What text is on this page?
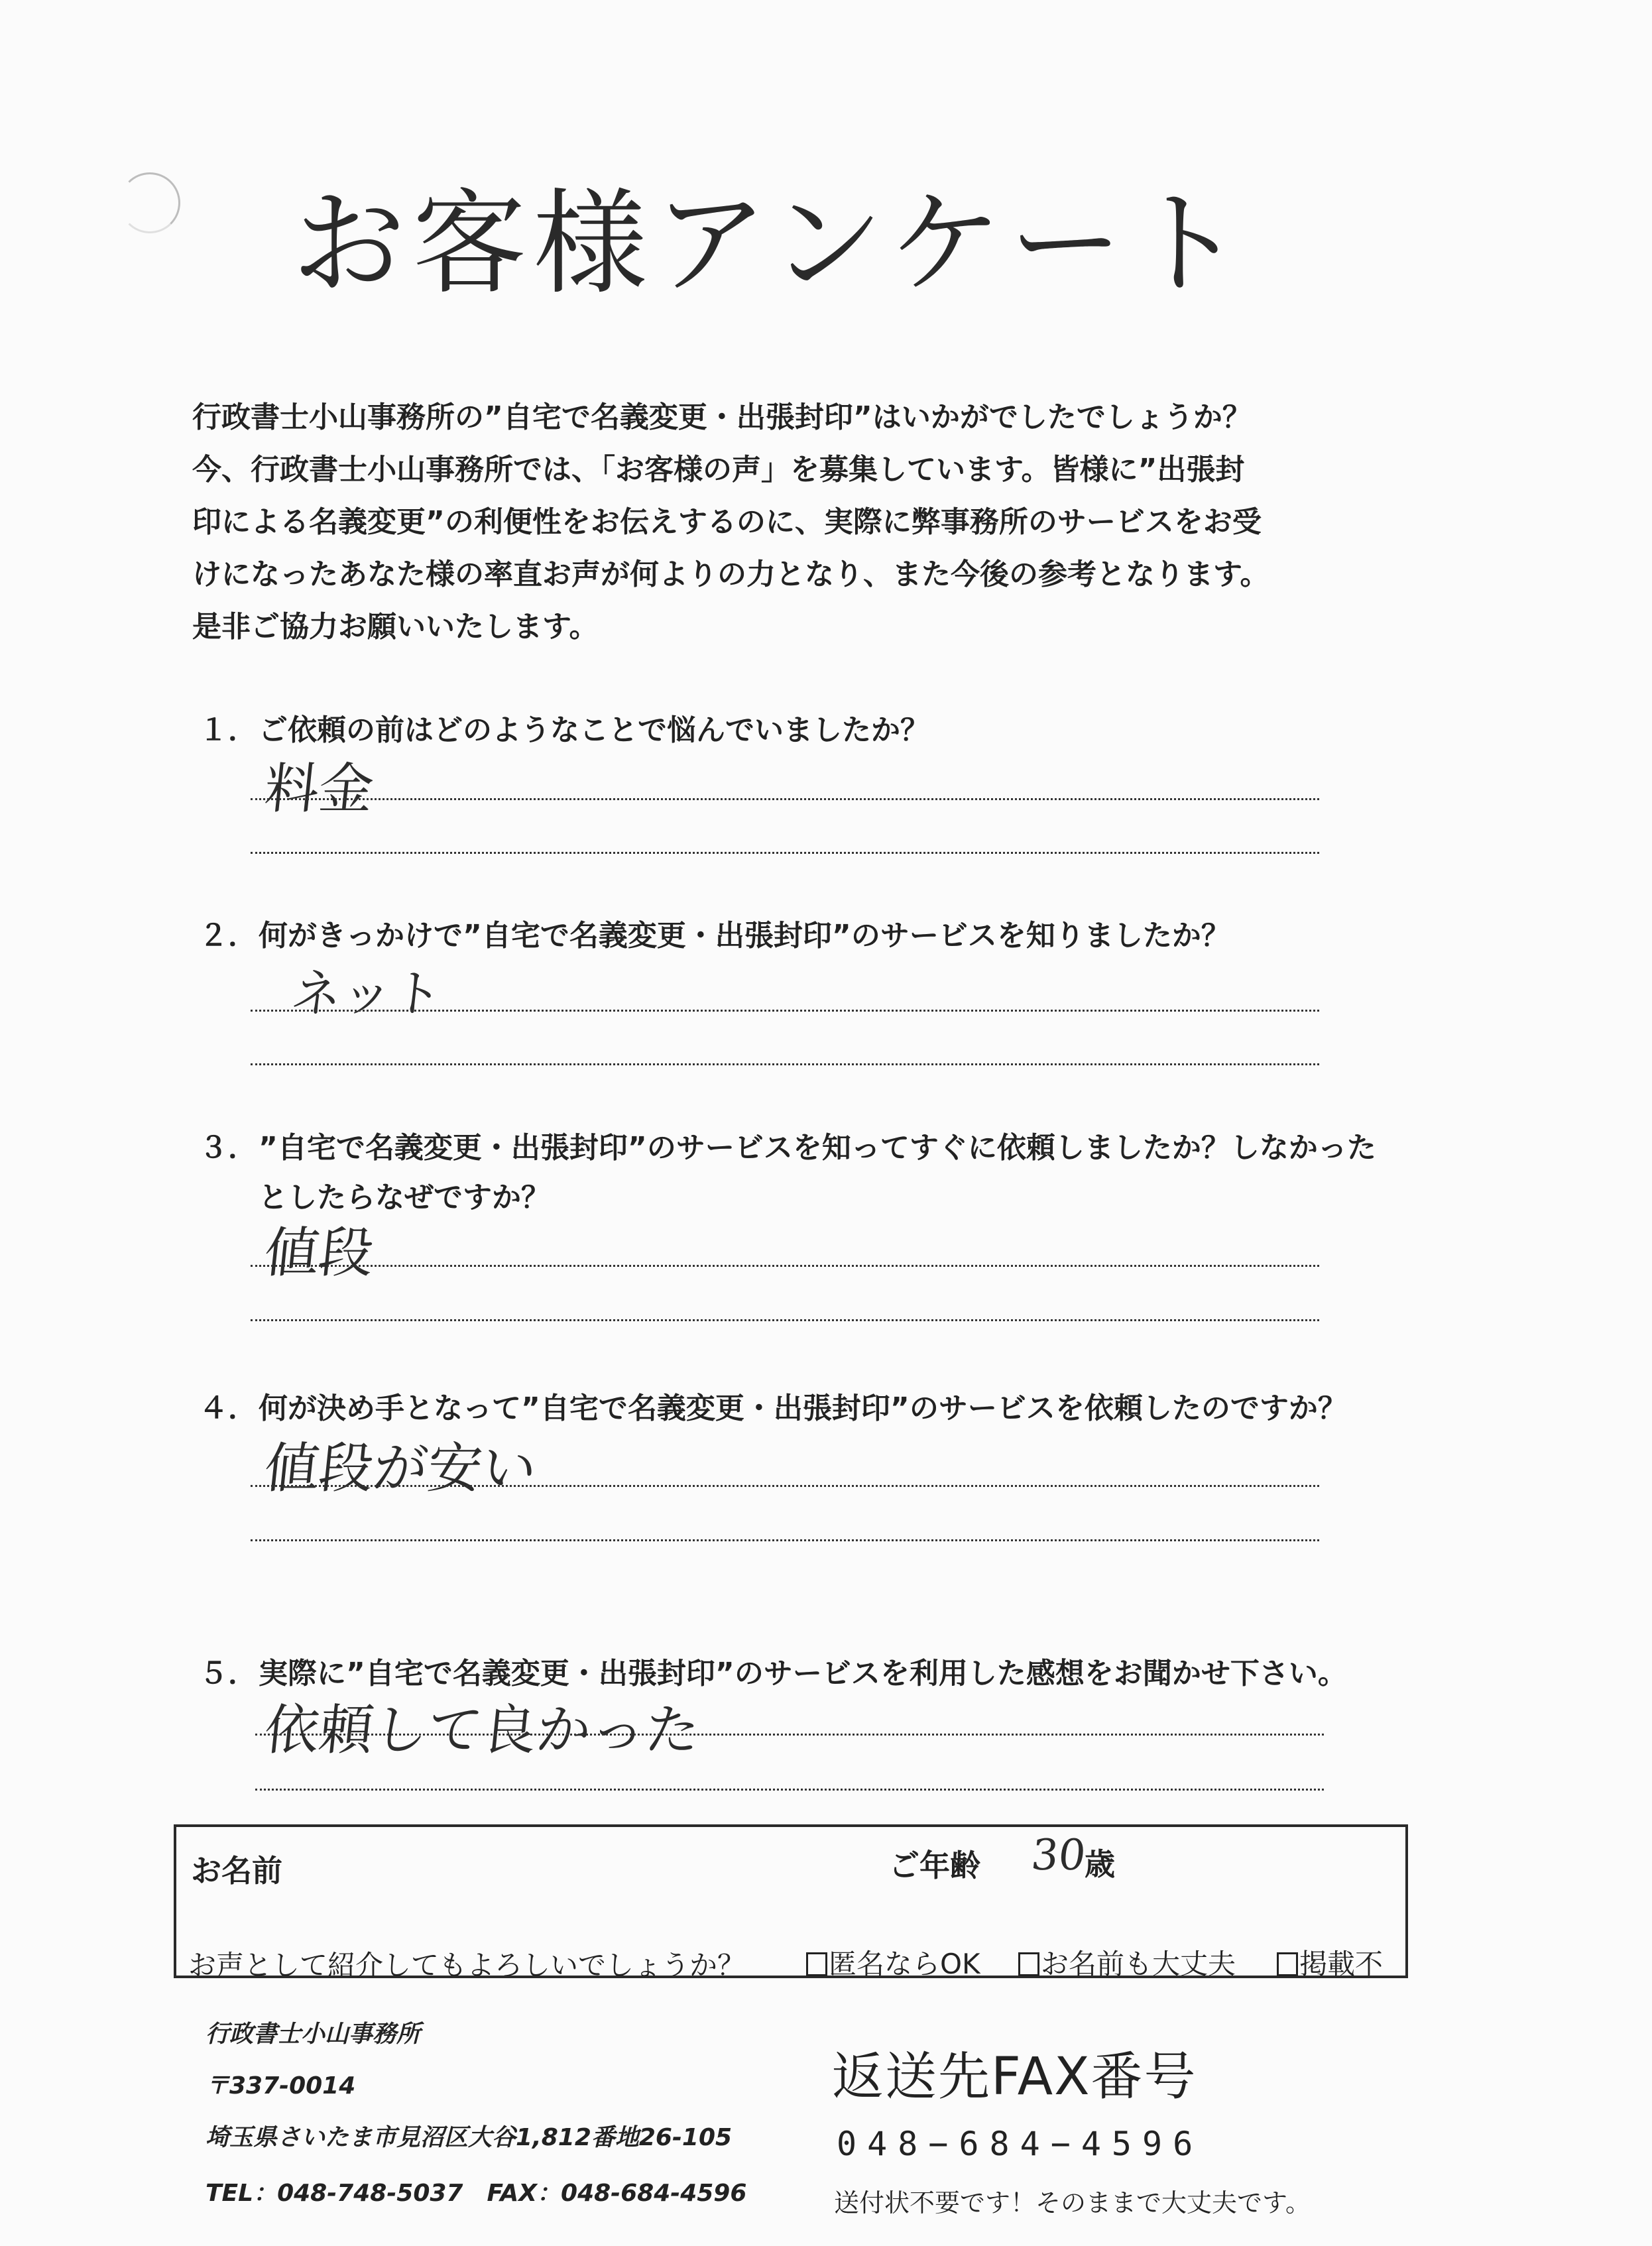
お客様アンケート
行政書士小山事務所の”自宅で名義変更・出張封印”はいかがでしたでしょうか？
今、行政書士小山事務所では、「お客様の声」を募集しています。皆様に”出張封
印による名義変更”の利便性をお伝えするのに、実際に弊事務所のサービスをお受
けになったあなた様の率直お声が何よりの力となり、また今後の参考となります。
是非ご協力お願いいたします。
１．ご依頼の前はどのようなことで悩んでいましたか？
料金
２．何がきっかけで”自宅で名義変更・出張封印”のサービスを知りましたか？
ネット
３．”自宅で名義変更・出張封印”のサービスを知ってすぐに依頼しましたか？しなかった
としたらなぜですか？
値段
４．何が決め手となって”自宅で名義変更・出張封印”のサービスを依頼したのですか？
値段が安い
５．実際に”自宅で名義変更・出張封印”のサービスを利用した感想をお聞かせ下さい。
依頼して良かった
お名前	ご年齢 30
歳
お声として紹介してもよろしいでしょうか？	匿名ならOK	お名前も大丈夫	掲載不
行政書士小山事務所
〒337-0014
埼玉県さいたま市見沼区大谷1,812番地26-105
TEL：048-748-5037　FAX：048-684-4596
返送先FAX番号
048−684−4596
送付状不要です！そのままで大丈夫です。
